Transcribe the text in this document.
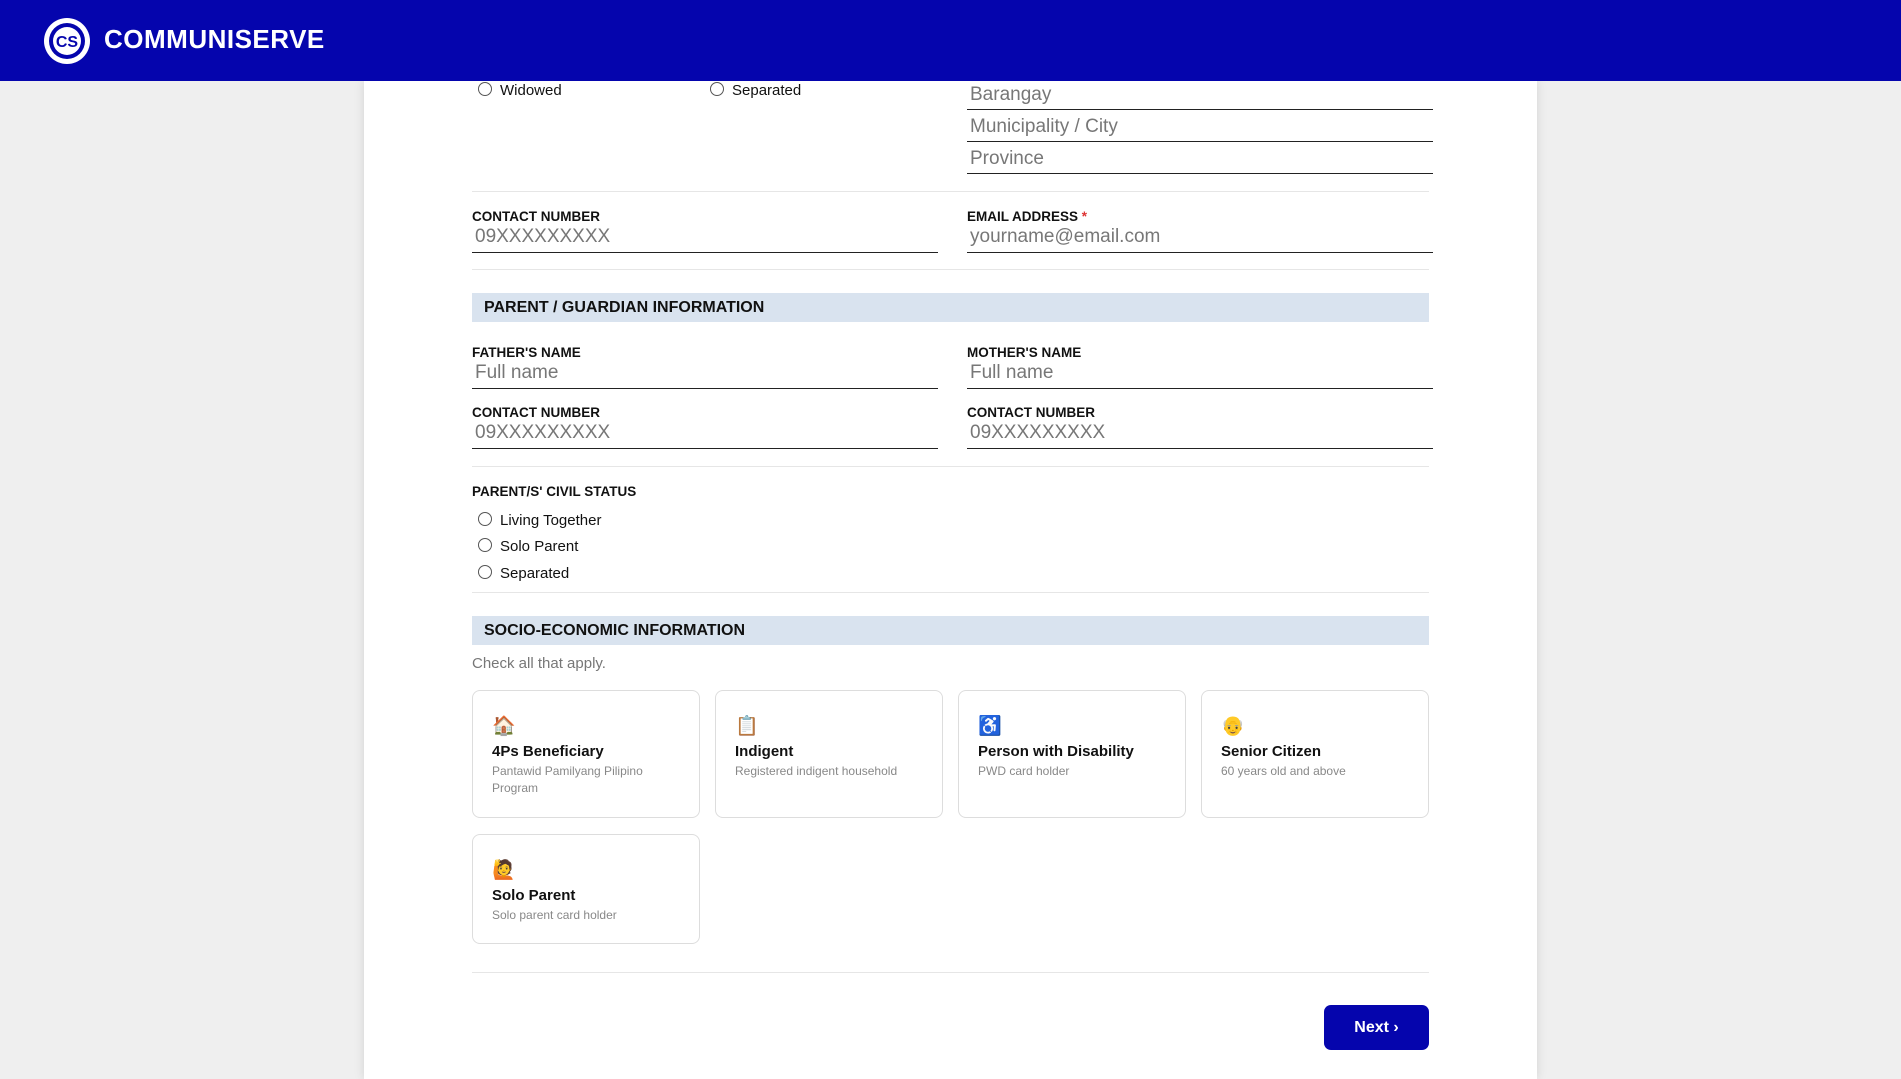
CS COMMUNISERVE
Widowed	Separated	Barangay
Municipality / City
Province
CONTACT NUMBER
09XXXXXXXXX
EMAIL ADDRESS *
yourname@email.com
PARENT / GUARDIAN INFORMATION
FATHER'S NAME
Full name
MOTHER'S NAME
Full name
CONTACT NUMBER
09XXXXXXXXX
CONTACT NUMBER
09XXXXXXXXX
PARENT/S' CIVIL STATUS
Living Together
Solo Parent
Separated
SOCIO-ECONOMIC INFORMATION
Check all that apply.
🏠
4Ps Beneficiary
Pantawid Pamilyang Pilipino Program
📋
Indigent
Registered indigent household
♿
Person with Disability
PWD card holder
👴
Senior Citizen
60 years old and above
🙋
Solo Parent
Solo parent card holder
Next ›
